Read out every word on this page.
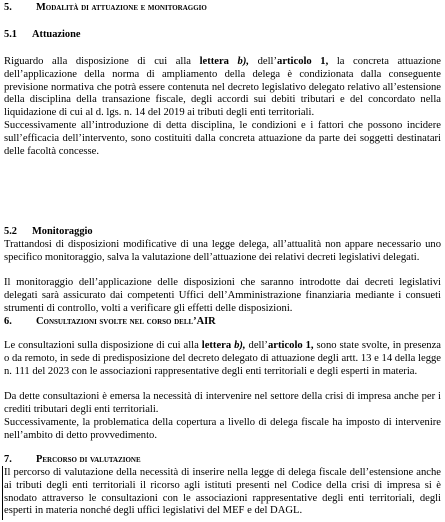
5. Modalità di attuazione e monitoraggio
5.1 Attuazione

Riguardo alla disposizione di cui alla lettera b), dell’articolo 1, la concreta attuazione dell’applicazione della norma di ampliamento della delega è condizionata dalla conseguente previsione normativa che potrà essere contenuta nel decreto legislativo delegato relativo all’estensione della disciplina della transazione fiscale, degli accordi sui debiti tributari e del concordato nella liquidazione di cui al d. lgs. n. 14 del 2019 ai tributi degli enti territoriali.

Successivamente all’introduzione di detta disciplina, le condizioni e i fattori che possono incidere sull’efficacia dell’intervento, sono costituiti dalla concreta attuazione da parte dei soggetti destinatari delle facoltà concesse.

5.2 Monitoraggio

Trattandosi di disposizioni modificative di una legge delega, all’attualità non appare necessario uno specifico monitoraggio, salva la valutazione dell’attuazione dei relativi decreti legislativi delegati.

Il monitoraggio dell’applicazione delle disposizioni che saranno introdotte dai decreti legislativi delegati sarà assicurato dai competenti Uffici dell’Amministrazione finanziaria mediante i consueti strumenti di controllo, volti a verificare gli effetti delle disposizioni.

6. Consultazioni svolte nel corso dell’AIR

Le consultazioni sulla disposizione di cui alla lettera b), dell’articolo 1, sono state svolte, in presenza o da remoto, in sede di predisposizione del decreto delegato di attuazione degli artt. 13 e 14 della legge n. 111 del 2023 con le associazioni rappresentative degli enti territoriali e degli esperti in materia.

Da dette consultazioni è emersa la necessità di intervenire nel settore della crisi di impresa anche per i crediti tributari degli enti territoriali.

Successivamente, la problematica della copertura a livello di delega fiscale ha imposto di intervenire nell’ambito di detto provvedimento.

7. Percorso di valutazione

Il percorso di valutazione della necessità di inserire nella legge di delega fiscale dell’estensione anche ai tributi degli enti territoriali il ricorso agli istituti presenti nel Codice della crisi di impresa si è snodato attraverso le consultazioni con le associazioni rappresentative degli enti territoriali, degli esperti in materia nonché degli uffici legislativi del MEF e del DAGL.
